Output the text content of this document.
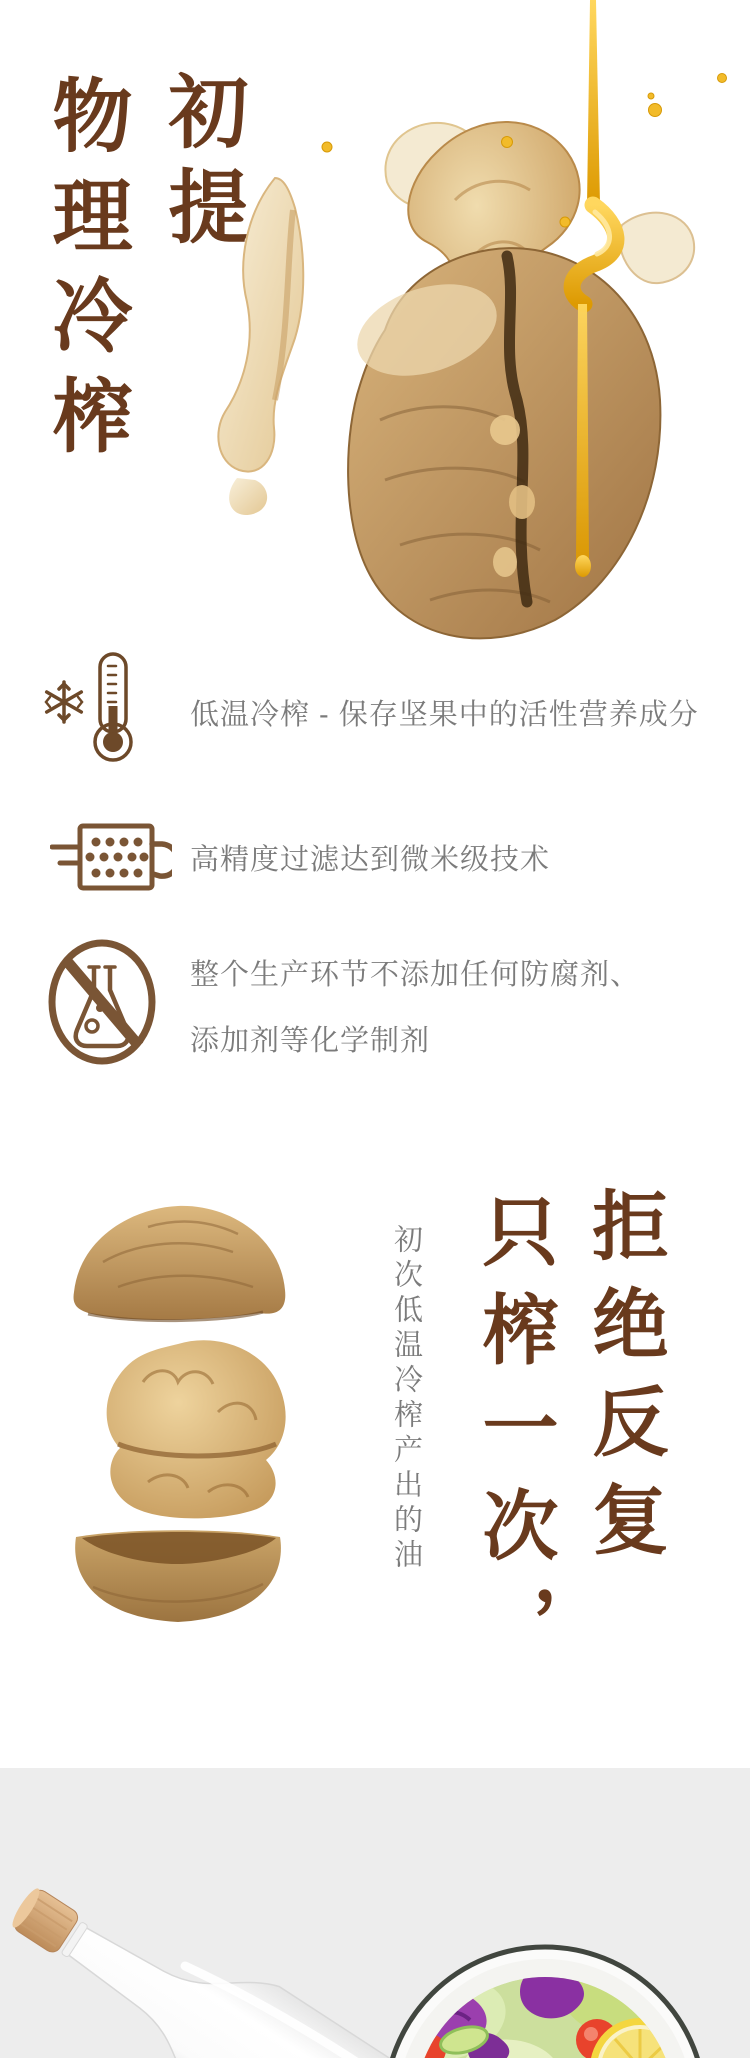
初提
物理冷榨
低温冷榨 - 保存坚果中的活性营养成分
高精度过滤达到微米级技术
整个生产环节不添加任何防腐剂、
添加剂等化学制剂
初次低温冷榨产出的油 拒绝反复
只榨一次，
